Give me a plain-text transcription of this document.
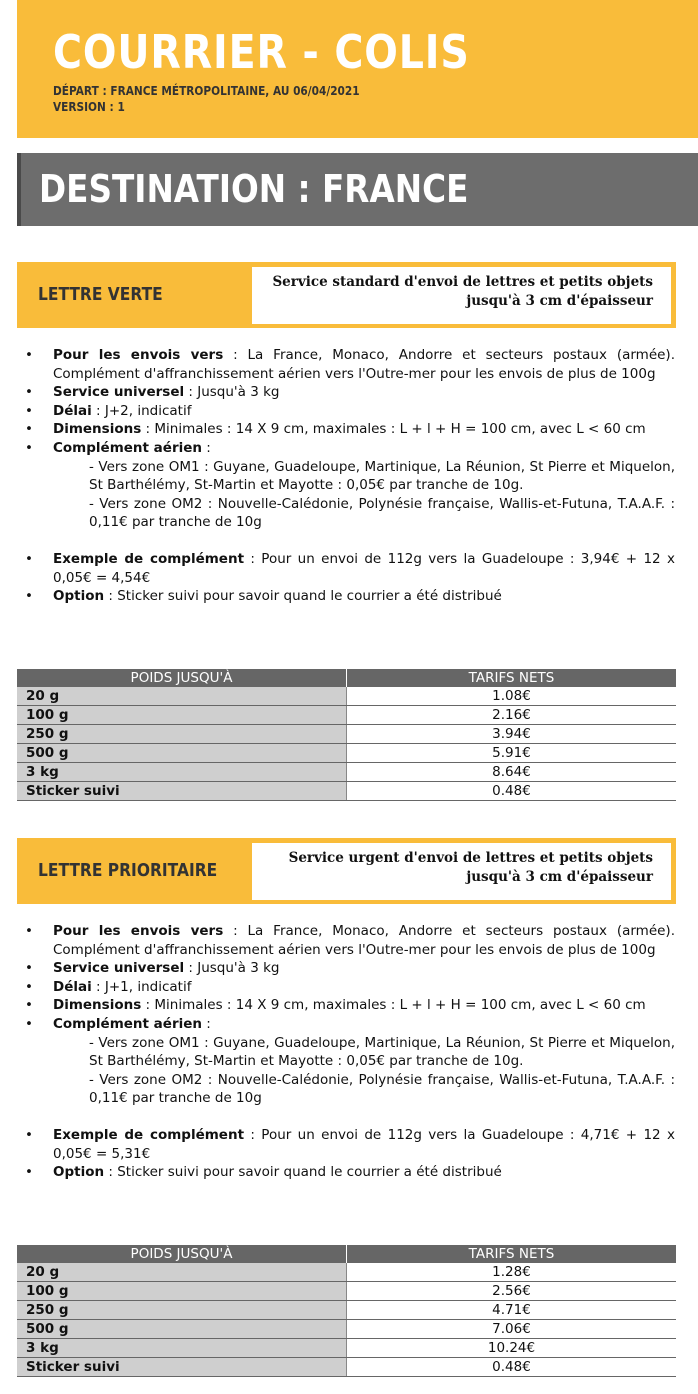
COURRIER - COLIS
DÉPART : FRANCE MÉTROPOLITAINE, AU 06/04/2021
VERSION : 1
DESTINATION : FRANCE
LETTRE VERTE
Service standard d'envoi de lettres et petits objets jusqu'à 3 cm d'épaisseur
• Pour les envois vers : La France, Monaco, Andorre et secteurs postaux (armée). Complément d'affranchissement aérien vers l'Outre-mer pour les envois de plus de 100g
• Service universel : Jusqu'à 3 kg
• Délai : J+2, indicatif
• Dimensions : Minimales : 14 X 9 cm, maximales : L + l + H = 100 cm, avec L < 60 cm
• Complément aérien :
- Vers zone OM1 : Guyane, Guadeloupe, Martinique, La Réunion, St Pierre et Miquelon, St Barthélémy, St-Martin et Mayotte : 0,05€ par tranche de 10g.
- Vers zone OM2 : Nouvelle-Calédonie, Polynésie française, Wallis-et-Futuna, T.A.A.F. : 0,11€ par tranche de 10g
• Exemple de complément : Pour un envoi de 112g vers la Guadeloupe : 3,94€ + 12 x 0,05€ = 4,54€
• Option : Sticker suivi pour savoir quand le courrier a été distribué
POIDS JUSQU'À	TARIFS NETS
20 g	1.08€
100 g	2.16€
250 g	3.94€
500 g	5.91€
3 kg	8.64€
Sticker suivi	0.48€
LETTRE PRIORITAIRE
Service urgent d'envoi de lettres et petits objets jusqu'à 3 cm d'épaisseur
• Pour les envois vers : La France, Monaco, Andorre et secteurs postaux (armée). Complément d'affranchissement aérien vers l'Outre-mer pour les envois de plus de 100g
• Service universel : Jusqu'à 3 kg
• Délai : J+1, indicatif
• Dimensions : Minimales : 14 X 9 cm, maximales : L + l + H = 100 cm, avec L < 60 cm
• Complément aérien :
- Vers zone OM1 : Guyane, Guadeloupe, Martinique, La Réunion, St Pierre et Miquelon, St Barthélémy, St-Martin et Mayotte : 0,05€ par tranche de 10g.
- Vers zone OM2 : Nouvelle-Calédonie, Polynésie française, Wallis-et-Futuna, T.A.A.F. : 0,11€ par tranche de 10g
• Exemple de complément : Pour un envoi de 112g vers la Guadeloupe : 4,71€ + 12 x 0,05€ = 5,31€
• Option : Sticker suivi pour savoir quand le courrier a été distribué
POIDS JUSQU'À	TARIFS NETS
20 g	1.28€
100 g	2.56€
250 g	4.71€
500 g	7.06€
3 kg	10.24€
Sticker suivi	0.48€
